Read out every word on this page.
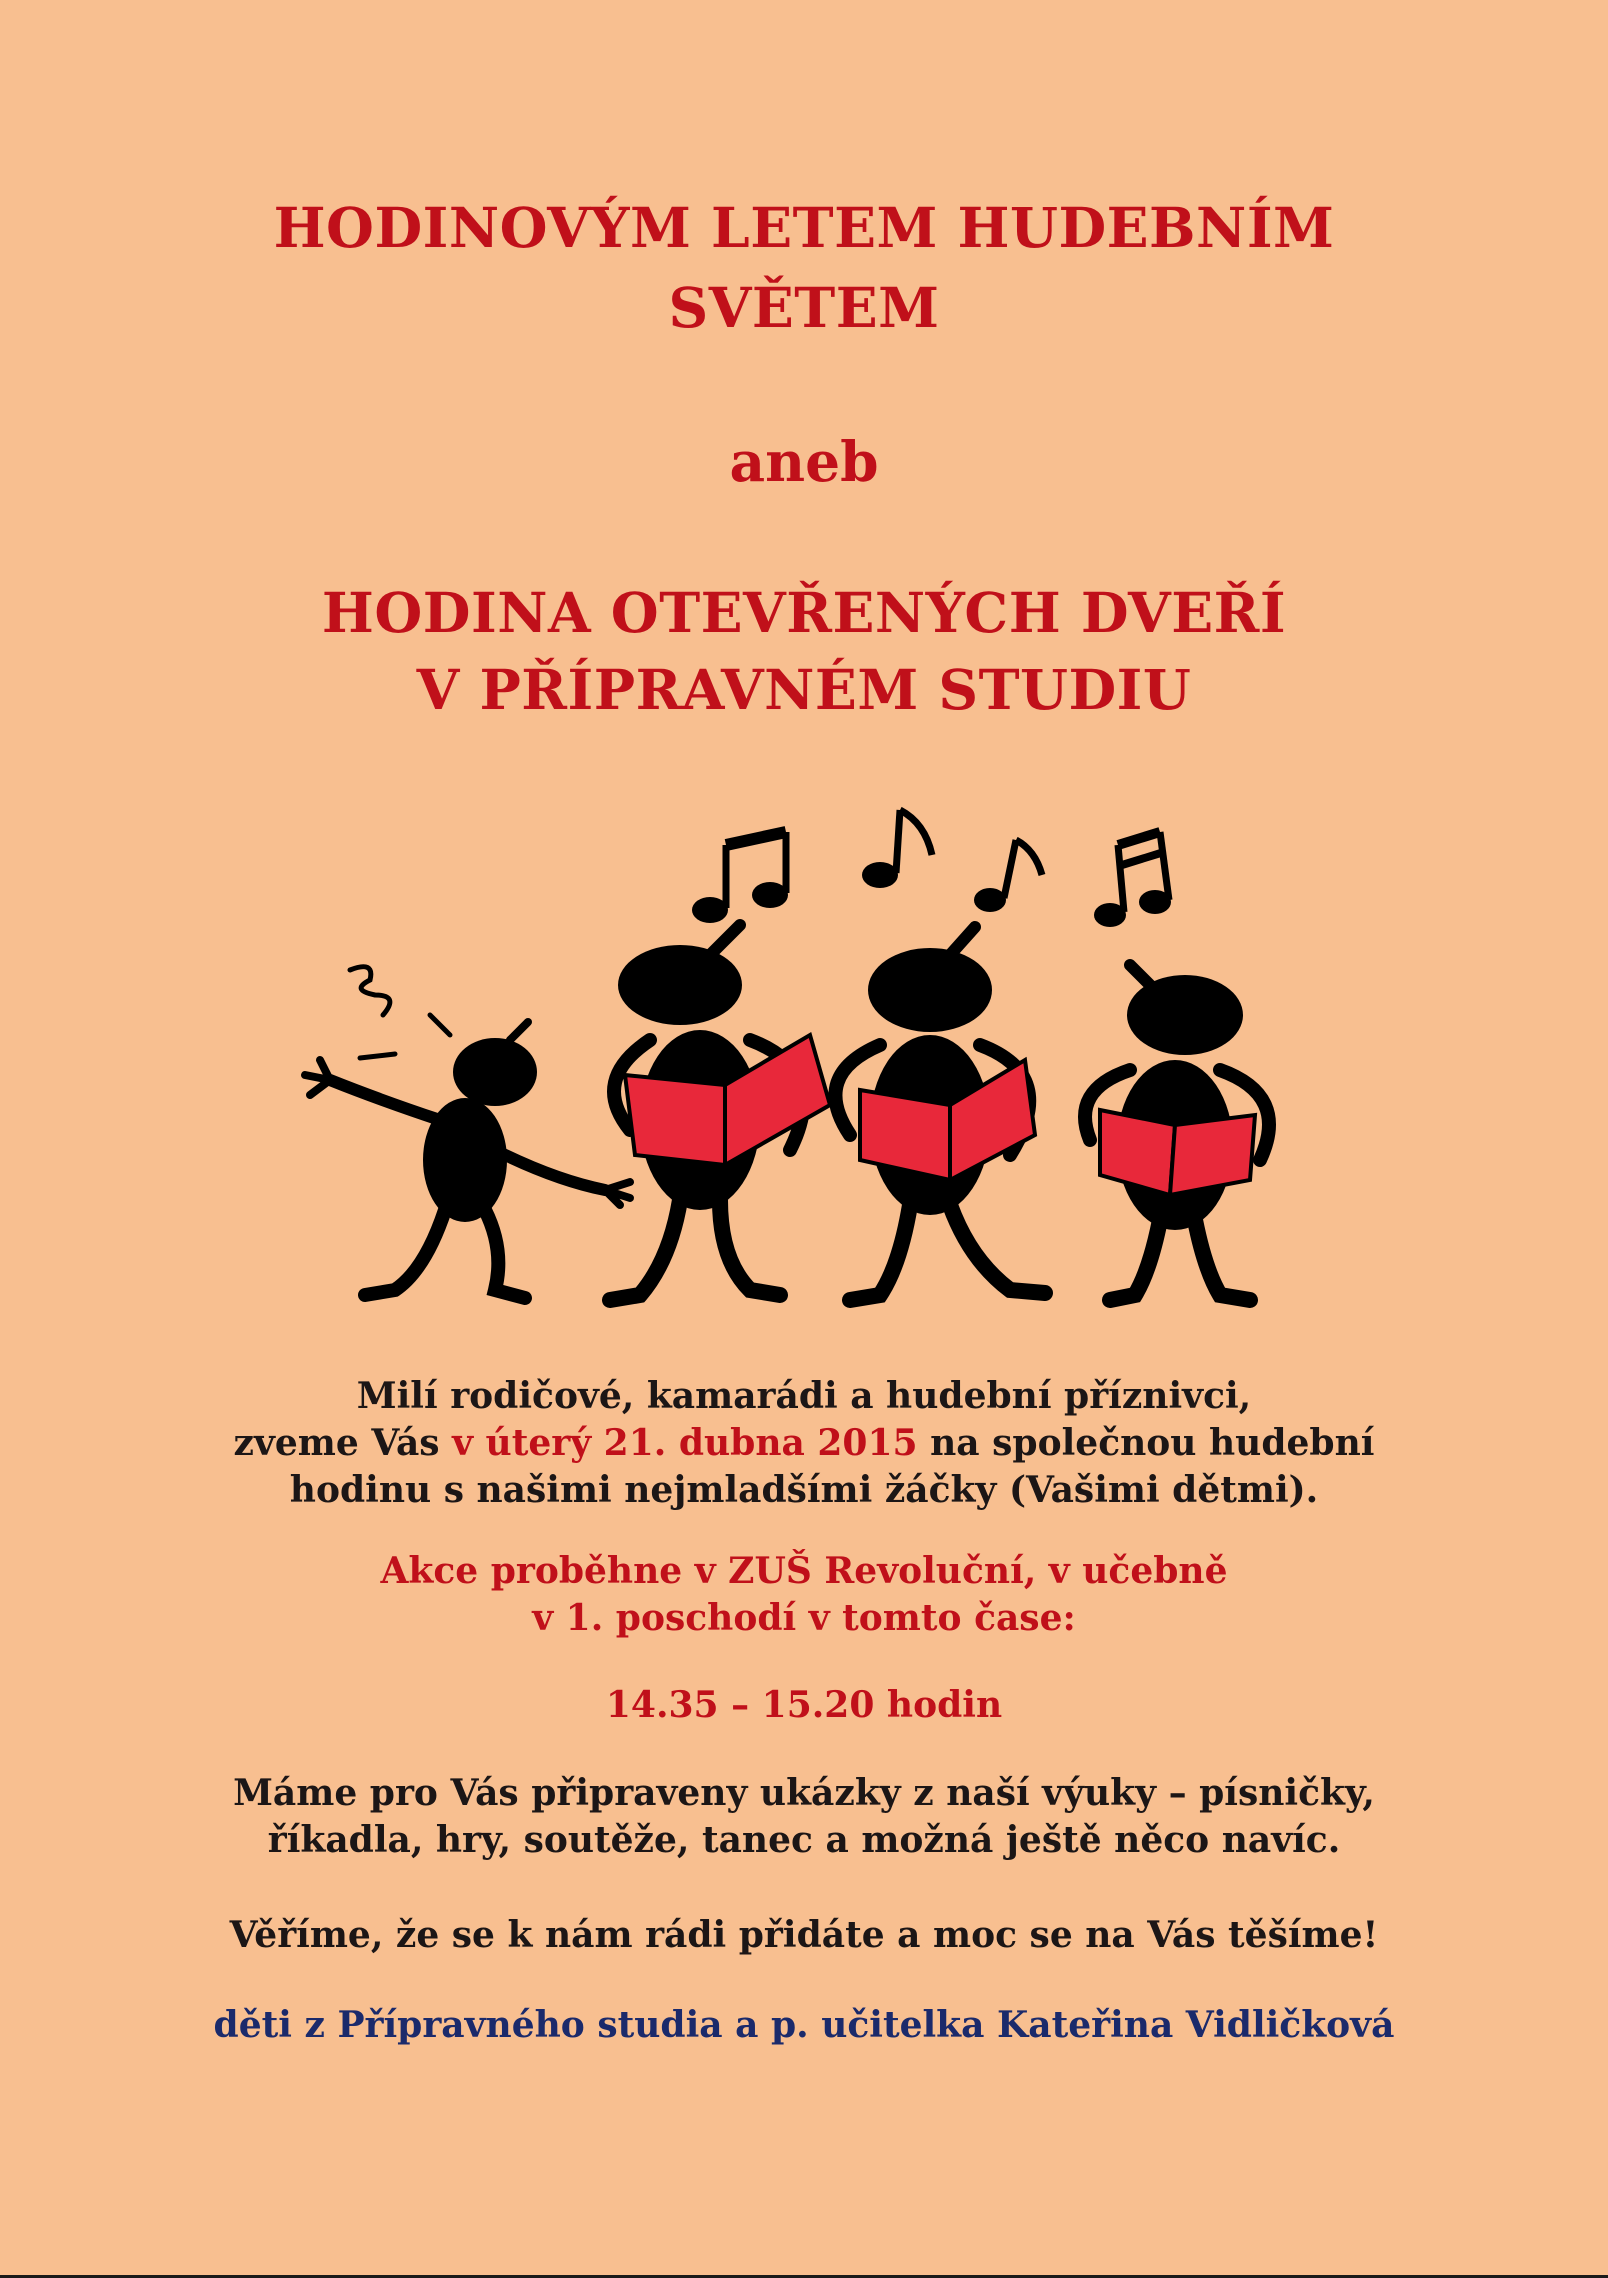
HODINOVÝM LETEM HUDEBNÍM
SVĚTEM
aneb
HODINA OTEVŘENÝCH DVEŘÍ
V PŘÍPRAVNÉM STUDIU
Milí rodičové, kamarádi a hudební příznivci,
zveme Vás v úterý 21. dubna 2015 na společnou hudební
hodinu s našimi nejmladšími žáčky (Vašimi dětmi).
Akce proběhne v ZUŠ Revoluční, v učebně
v 1. poschodí v tomto čase:
14.35 – 15.20 hodin
Máme pro Vás připraveny ukázky z naší výuky – písničky,
říkadla, hry, soutěže, tanec a možná ještě něco navíc.
Věříme, že se k nám rádi přidáte a moc se na Vás těšíme!
děti z Přípravného studia a p. učitelka Kateřina Vidličková
